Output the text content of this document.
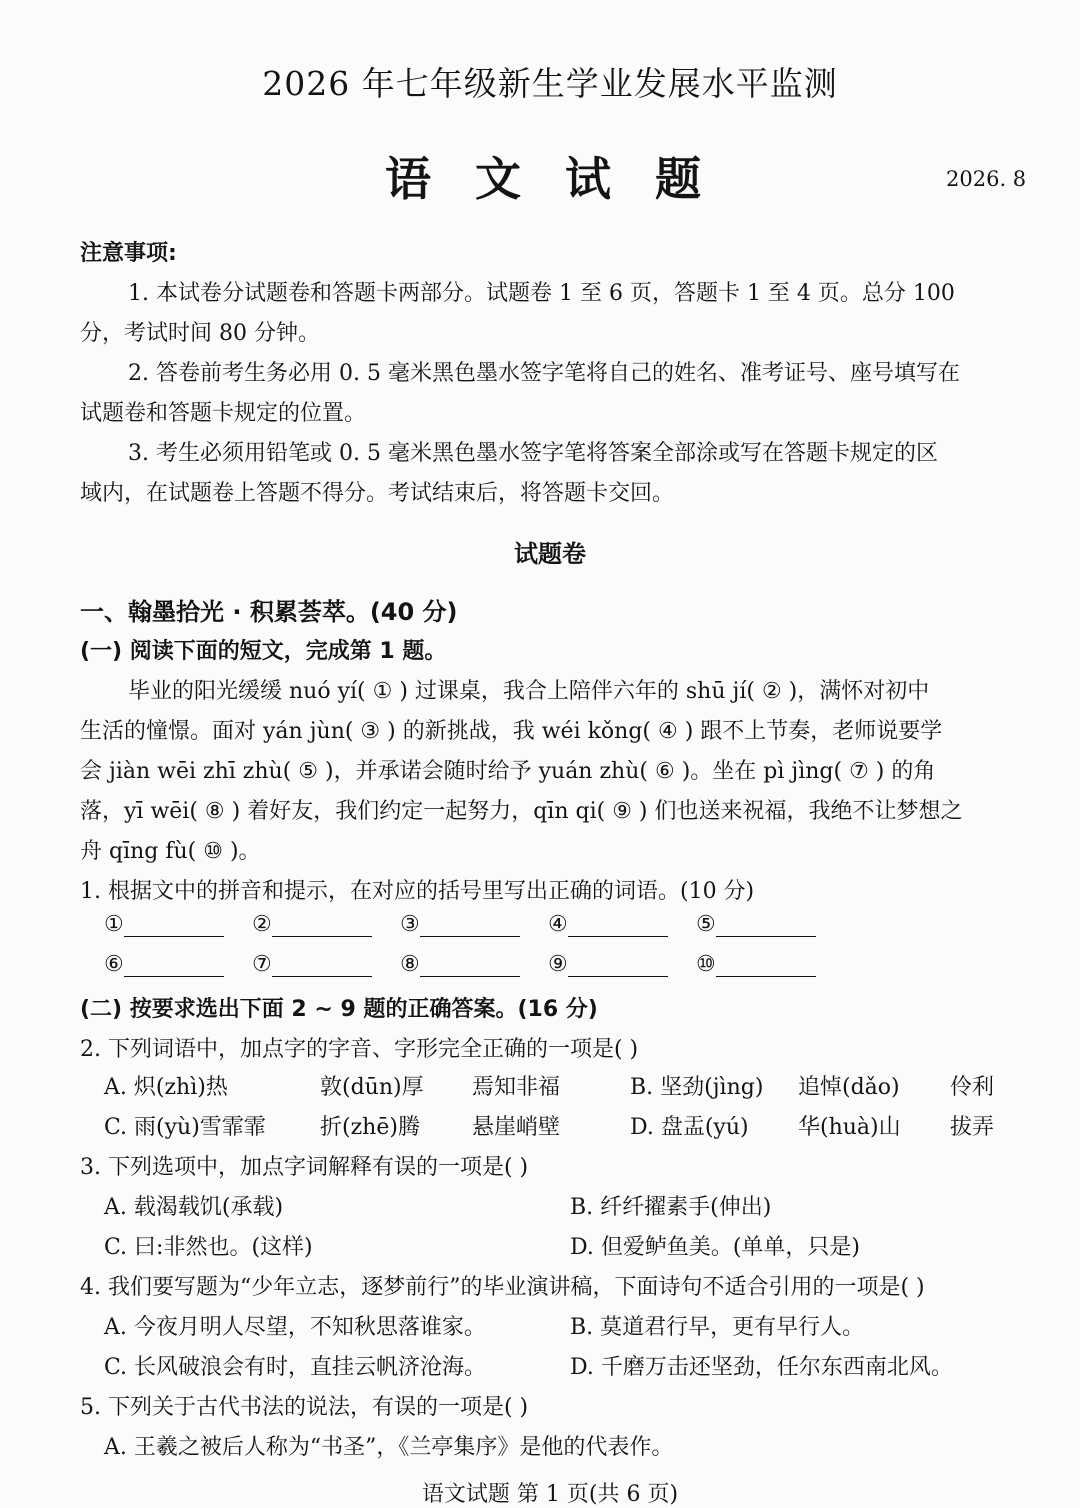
2026 年七年级新生学业发展水平监测
语 文 试 题	2026. 8
注意事项:
1. 本试卷分试题卷和答题卡两部分。试题卷 1 至 6 页，答题卡 1 至 4 页。总分 100
分，考试时间 80 分钟。
2. 答卷前考生务必用 0. 5 毫米黑色墨水签字笔将自己的姓名、准考证号、座号填写在
试题卷和答题卡规定的位置。
3. 考生必须用铅笔或 0. 5 毫米黑色墨水签字笔将答案全部涂或写在答题卡规定的区
域内，在试题卷上答题不得分。考试结束后，将答题卡交回。
试题卷
一、翰墨拾光 · 积累荟萃。(40 分)
(一) 阅读下面的短文，完成第 1 题。
毕业的阳光缓缓 nuó yí( ① ) 过课桌，我合上陪伴六年的 shū jí( ② )，满怀对初中
生活的憧憬。面对 yán jùn( ③ ) 的新挑战，我 wéi kǒng( ④ ) 跟不上节奏，老师说要学
会 jiàn wēi zhī zhù( ⑤ )，并承诺会随时给予 yuán zhù( ⑥ )。坐在 pì jìng( ⑦ ) 的角
落，yī wēi( ⑧ ) 着好友，我们约定一起努力，qīn qi( ⑨ ) 们也送来祝福，我绝不让梦想之
舟 qīng fù( ⑩ )。
1. 根据文中的拼音和提示，在对应的括号里写出正确的词语。(10 分)
①	②	③	④	⑤
⑥	⑦	⑧	⑨	⑩
(二) 按要求选出下面 2 ~ 9 题的正确答案。(16 分)
2. 下列词语中，加点字的字音、字形完全正确的一项是( )
A. 炽(zhì)热	敦(dūn)厚 焉知非福	B. 坚劲(jìng) 追悼(dǎo) 伶利
C. 雨(yù)雪霏霏 折(zhē)腾 悬崖峭壁	D. 盘盂(yú) 华(huà)山 拔弄
3. 下列选项中，加点字词解释有误的一项是( )
A. 载渴载饥(承载)	B. 纤纤擢素手(伸出)
C. 曰:非然也。(这样)	D. 但爱鲈鱼美。(单单，只是)
4. 我们要写题为“少年立志，逐梦前行”的毕业演讲稿，下面诗句不适合引用的一项是( )
A. 今夜月明人尽望，不知秋思落谁家。	B. 莫道君行早，更有早行人。
C. 长风破浪会有时，直挂云帆济沧海。	D. 千磨万击还坚劲，任尔东西南北风。
5. 下列关于古代书法的说法，有误的一项是( )
A. 王羲之被后人称为“书圣”，《兰亭集序》是他的代表作。
语文试题 第 1 页(共 6 页)
